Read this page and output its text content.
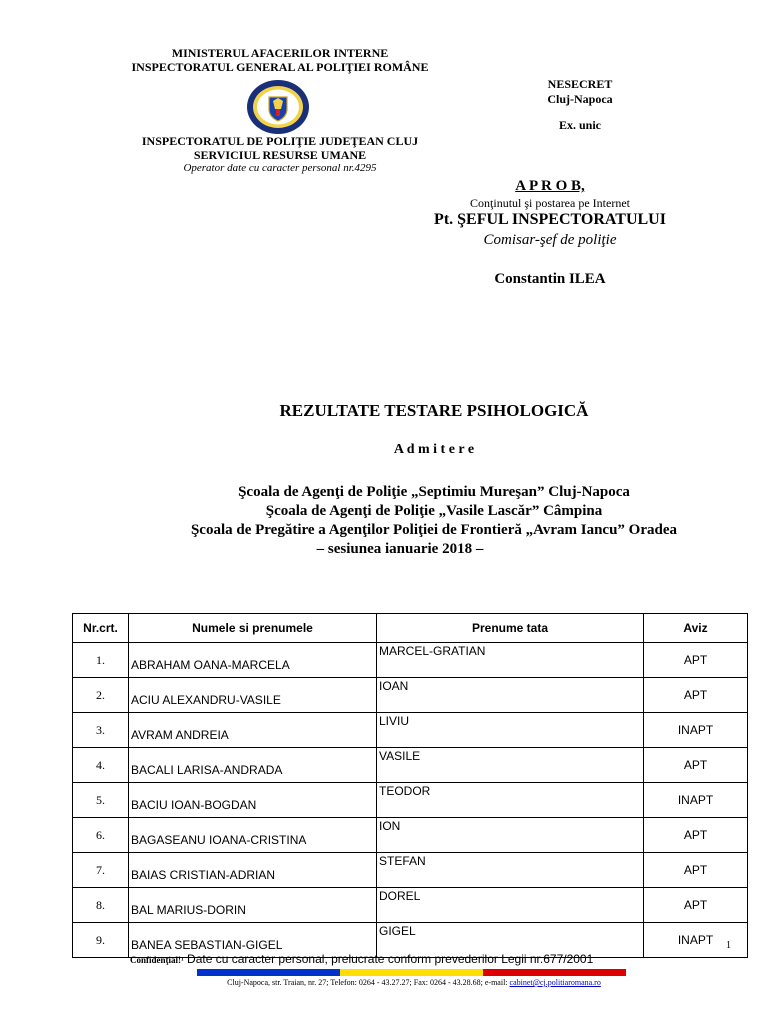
MINISTERUL AFACERILOR INTERNE
INSPECTORATUL GENERAL AL POLIŢIEI ROMÂNE
NESECRET
Cluj-Napoca
Ex. unic
INSPECTORATUL DE POLIŢIE JUDEŢEAN CLUJ
SERVICIUL RESURSE UMANE
Operator date cu caracter personal nr.4295
A P R O B,
Conţinutul şi postarea pe Internet
Pt. ŞEFUL INSPECTORATULUI
Comisar-şef de poliţie
Constantin ILEA
REZULTATE TESTARE PSIHOLOGICĂ
A d m i t e r e
Şcoala de Agenţi de Poliţie „Septimiu Mureşan” Cluj-Napoca
Şcoala de Agenţi de Poliţie „Vasile Lascăr” Câmpina
Şcoala de Pregătire a Agenţilor Poliţiei de Frontieră „Avram Iancu” Oradea
– sesiunea ianuarie 2018 –
Nr.crt.	Numele si prenumele	Prenume tata	Aviz
1.	ABRAHAM OANA-MARCELA	MARCEL-GRATIAN	APT
2.	ACIU ALEXANDRU-VASILE	IOAN	APT
3.	AVRAM ANDREIA	LIVIU	INAPT
4.	BACALI LARISA-ANDRADA	VASILE	APT
5.	BACIU IOAN-BOGDAN	TEODOR	INAPT
6.	BAGASEANU IOANA-CRISTINA	ION	APT
7.	BAIAS CRISTIAN-ADRIAN	STEFAN	APT
8.	BAL MARIUS-DORIN	DOREL	APT
9.	BANEA SEBASTIAN-GIGEL	GIGEL	INAPT 1
Confidenţial!¹ Date cu caracter personal, prelucrate conform prevederilor Legii nr.677/2001
Cluj-Napoca, str. Traian, nr. 27; Telefon: 0264 - 43.27.27; Fax: 0264 - 43.28.68; e-mail: cabinet@cj.politiaromana.ro
